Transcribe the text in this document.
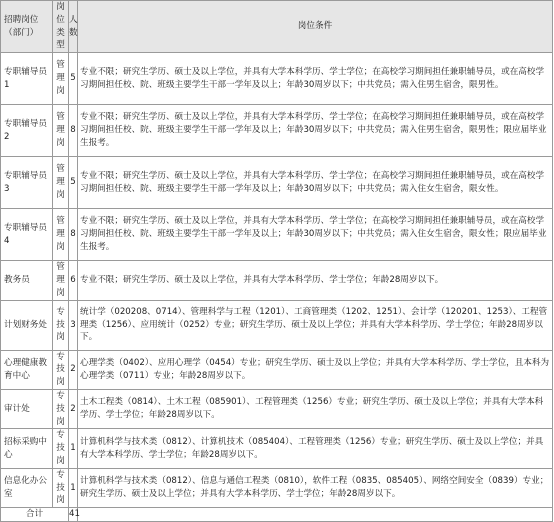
招聘岗位（部门）	岗位类型	人数	岗位条件
专职辅导员1	管理岗	5	专业不限；研究生学历、硕士及以上学位，并具有大学本科学历、学士学位；在高校学习期间担任兼职辅导员，或在高校学习期间担任校、院、班级主要学生干部一学年及以上；年龄30周岁以下；中共党员；需入住男生宿舍，限男性。
专职辅导员2	管理岗	8	专业不限；研究生学历、硕士及以上学位，并具有大学本科学历、学士学位；在高校学习期间担任兼职辅导员，或在高校学习期间担任校、院、班级主要学生干部一学年及以上；年龄30周岁以下；中共党员；需入住男生宿舍，限男性；限应届毕业生报考。
专职辅导员3	管理岗	5	专业不限；研究生学历、硕士及以上学位，并具有大学本科学历、学士学位；在高校学习期间担任兼职辅导员，或在高校学习期间担任校、院、班级主要学生干部一学年及以上；年龄30周岁以下；中共党员；需入住女生宿舍，限女性。
专职辅导员4	管理岗	8	专业不限；研究生学历、硕士及以上学位，并具有大学本科学历、学士学位；在高校学习期间担任兼职辅导员，或在高校学习期间担任校、院、班级主要学生干部一学年及以上；年龄30周岁以下；中共党员；需入住女生宿舍，限女性；限应届毕业生报考。
教务员	管理岗	6	专业不限；研究生学历、硕士及以上学位，并具有大学本科学历、学士学位；年龄28周岁以下。
计划财务处	专技岗	3	统计学（020208、0714）、管理科学与工程（1201）、工商管理类（1202、1251）、会计学（120201、1253）、工程管理类（1256）、应用统计（0252）专业；研究生学历、硕士及以上学位；并具有大学本科学历、学士学位；年龄28周岁以下。
心理健康教育中心	专技岗	2	心理学类（0402）、应用心理学（0454）专业；研究生学历、硕士及以上学位；并具有大学本科学历、学士学位，且本科为心理学类（0711）专业；年龄28周岁以下。
审计处	专技岗	2	土木工程类（0814）、土木工程（085901）、工程管理类（1256）专业；研究生学历、硕士及以上学位；并具有大学本科学历、学士学位；年龄28周岁以下。
招标采购中心	专技岗	1	计算机科学与技术类（0812）、计算机技术（085404）、工程管理类（1256）专业；研究生学历、硕士及以上学位；并具有大学本科学历、学士学位；年龄28周岁以下。
信息化办公室	专技岗	1	计算机科学与技术类（0812）、信息与通信工程类（0810），软件工程（0835、085405）、网络空间安全（0839）专业；研究生学历、硕士及以上学位；并具有大学本科学历、学士学位；年龄28周岁以下。
合计		41	
